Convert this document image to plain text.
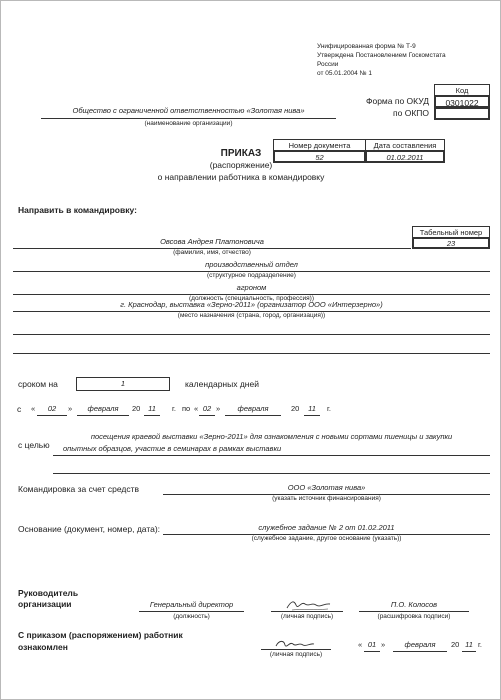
Унифицированная форма № Т-9
Утверждена Постановлением Госкомстата
России
от 05.01.2004 № 1
Код
0301022
Форма по ОКУД
по ОКПО
Общество с ограниченной ответственностью «Золотая нива»
(наименование организации)
Номер документа	Дата составления
52	01.02.2011
ПРИКАЗ
(распоряжение)
о направлении работника в командировку
Направить в командировку:
Табельный номер
23
Овсова Андрея Платоновича
(фамилия, имя, отчество)
производственный отдел
(структурное подразделение)
агроном
(должность (специальность, профессия))
г. Краснодар, выставка «Зерно-2011» (организатор ООО «Интерзерно»)
(место назначения (страна, город, организация))
сроком на	1	календарных дней
с «	02	»	февраля	20	11	г. по « 02 »	февраля	20	11	г.
посещения краевой выставки «Зерно-2011» для ознакомления с новыми сортами пшеницы и закупки
с целью опытных образцов, участие в семинарах в рамках выставки
Командировка за счет средств	ООО «Золотая нива»
(указать источник финансирования)
Основание (документ, номер, дата):	служебное задание № 2 от 01.02.2011
(служебное задание, другое основание (указать))
Руководитель
организации	Генеральный директор
(должность)	(личная подпись)
П.О. Колосов
(расшифровка подписи)
С приказом (распоряжением) работник
ознакомлен
(личная подпись)
« 01 »	февраля	20 11 г.
